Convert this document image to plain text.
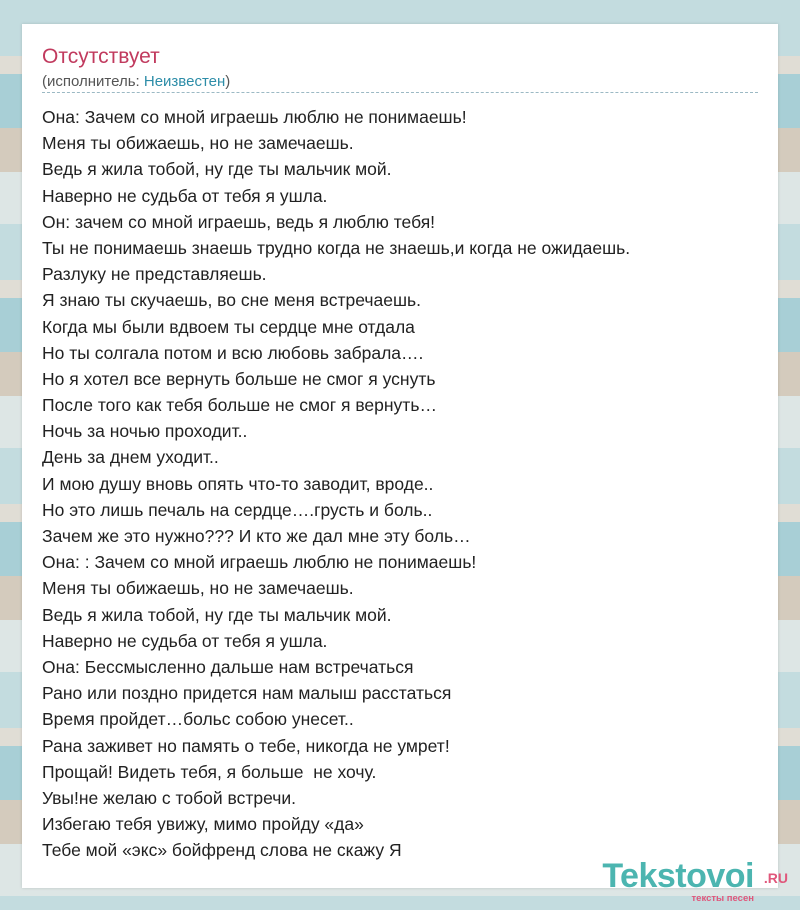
Отсутствует
(исполнитель: Неизвестен)
Она: Зачем со мной играешь люблю не понимаешь!
Меня ты обижаешь, но не замечаешь.
Ведь я жила тобой, ну где ты мальчик мой.
Наверно не судьба от тебя я ушла.
Он: зачем со мной играешь, ведь я люблю тебя!
Ты не понимаешь знаешь трудно когда не знаешь,и когда не ожидаешь.
Разлуку не представляешь.
Я знаю ты скучаешь, во сне меня встречаешь.
Когда мы были вдвоем ты сердце мне отдала
Но ты солгала потом и всю любовь забрала….
Но я хотел все вернуть больше не смог я уснуть
После того как тебя больше не смог я вернуть…
Ночь за ночью проходит..
День за днем уходит..
И мою душу вновь опять что-то заводит, вроде..
Но это лишь печаль на сердце….грусть и боль..
Зачем же это нужно??? И кто же дал мне эту боль…
Она: : Зачем со мной играешь люблю не понимаешь!
Меня ты обижаешь, но не замечаешь.
Ведь я жила тобой, ну где ты мальчик мой.
Наверно не судьба от тебя я ушла.
Она: Бессмысленно дальше нам встречаться
Рано или поздно придется нам малыш расстаться
Время пройдет…больс собою унесет..
Рана заживет но память о тебе, никогда не умрет!
Прощай! Видеть тебя, я больше  не хочу.
Увы!не желаю с тобой встречи.
Избегаю тебя увижу, мимо пройду «да»
Тебе мой «экс» бойфренд слова не скажу Я
Tekstovoi .RU
тексты песен
